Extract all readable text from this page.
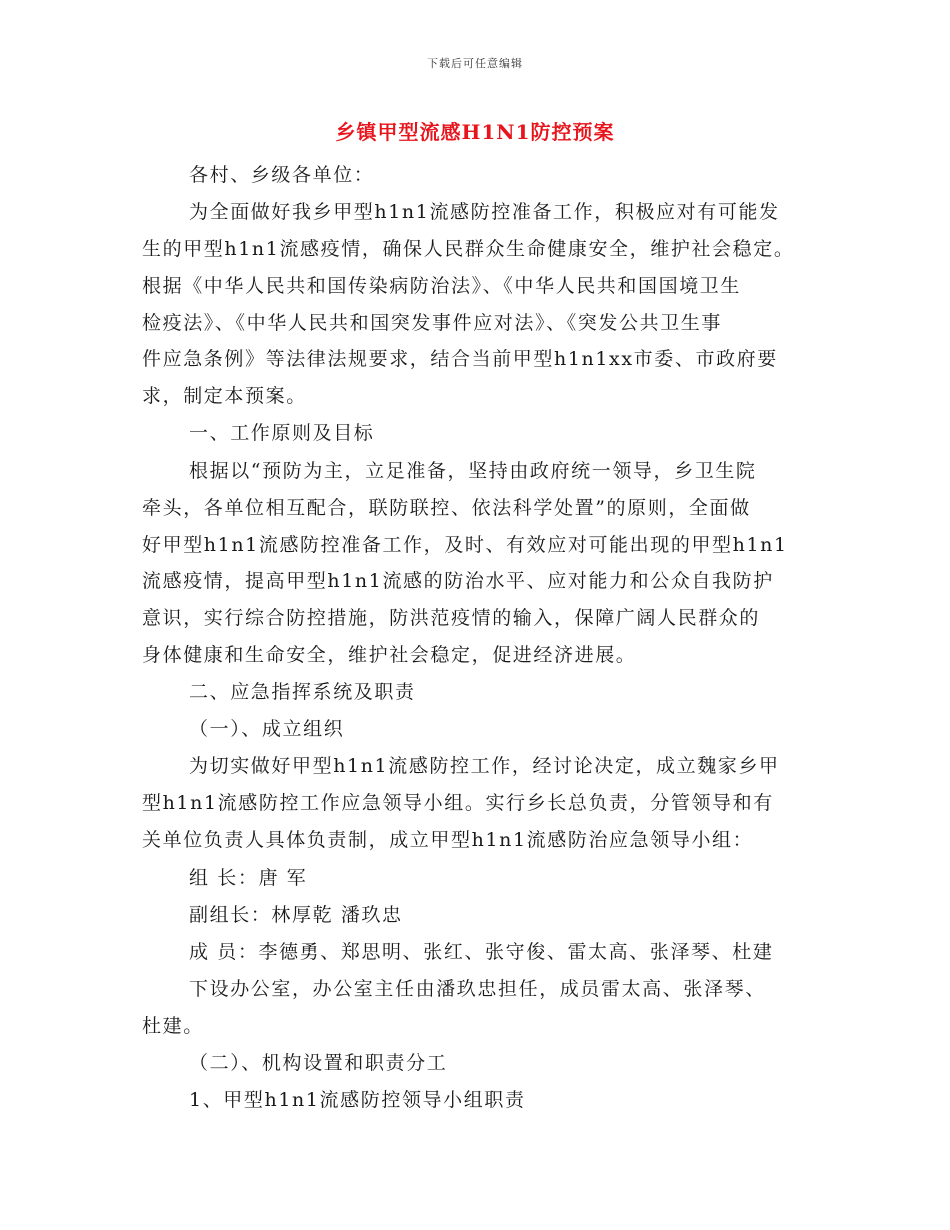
下载后可任意编辑
乡镇甲型流感H1N1防控预案
各村、乡级各单位：
为全面做好我乡甲型h1n1流感防控准备工作，积极应对有可能发
生的甲型h1n1流感疫情，确保人民群众生命健康安全，维护社会稳定。
根据《中华人民共和国传染病防治法》、《中华人民共和国国境卫生
检疫法》、《中华人民共和国突发事件应对法》、《突发公共卫生事
件应急条例》等法律法规要求，结合当前甲型h1n1xx市委、市政府要
求，制定本预案。
一、工作原则及目标
根据以“预防为主，立足准备，坚持由政府统一领导，乡卫生院
牵头，各单位相互配合，联防联控、依法科学处置”的原则，全面做
好甲型h1n1流感防控准备工作，及时、有效应对可能出现的甲型h1n1
流感疫情，提高甲型h1n1流感的防治水平、应对能力和公众自我防护
意识，实行综合防控措施，防洪范疫情的输入，保障广阔人民群众的
身体健康和生命安全，维护社会稳定，促进经济进展。
二、应急指挥系统及职责
（一）、成立组织
为切实做好甲型h1n1流感防控工作，经讨论决定，成立魏家乡甲
型h1n1流感防控工作应急领导小组。实行乡长总负责，分管领导和有
关单位负责人具体负责制，成立甲型h1n1流感防治应急领导小组：
组 长：唐 军
副组长：林厚乾 潘玖忠
成 员：李德勇、郑思明、张红、张守俊、雷太高、张泽琴、杜建
下设办公室，办公室主任由潘玖忠担任，成员雷太高、张泽琴、
杜建。
（二）、机构设置和职责分工
1、甲型h1n1流感防控领导小组职责
